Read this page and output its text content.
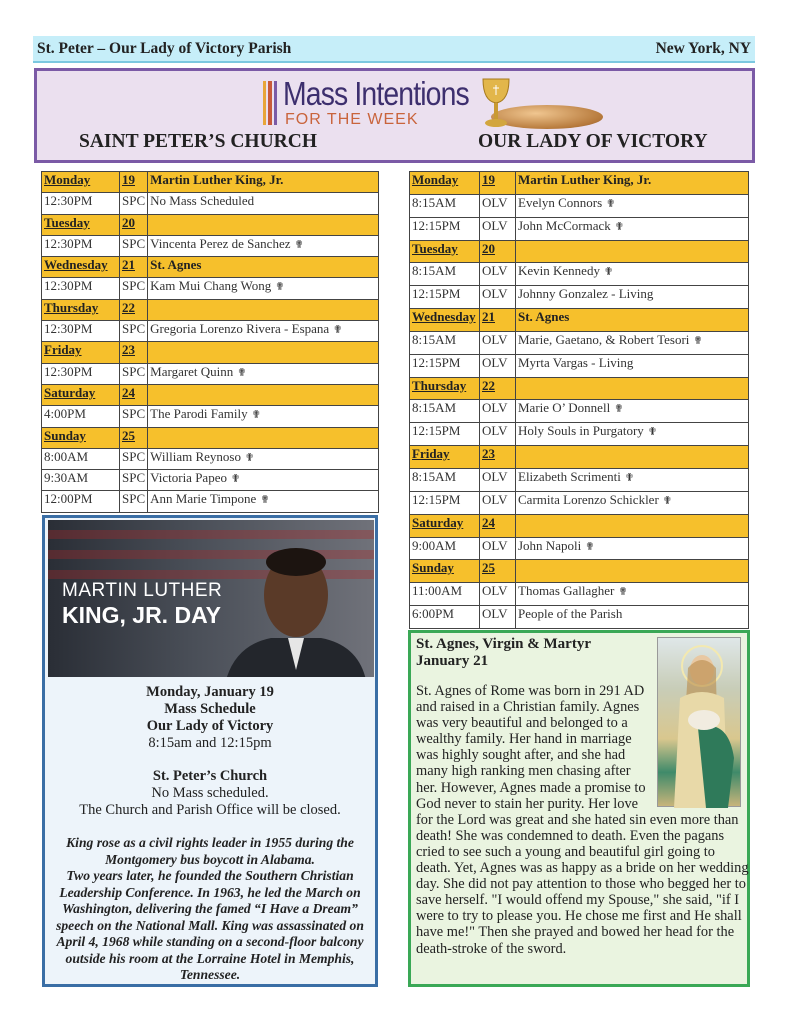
St. Peter – Our Lady of Victory Parish	New York, NY
Mass Intentions
FOR THE WEEK
SAINT PETER’S CHURCH	OUR LADY OF VICTORY
Monday	19	Martin Luther King, Jr.
12:30PM	SPC	No Mass Scheduled
Tuesday	20	
12:30PM	SPC	Vincenta Perez de Sanchez ✟
Wednesday	21	St. Agnes
12:30PM	SPC	Kam Mui Chang Wong ✟
Thursday	22	
12:30PM	SPC	Gregoria Lorenzo Rivera - Espana ✟
Friday	23	
12:30PM	SPC	Margaret Quinn ✟
Saturday	24	
4:00PM	SPC	The Parodi Family ✟
Sunday	25	
8:00AM	SPC	William Reynoso ✟
9:30AM	SPC	Victoria Papeo ✟
12:00PM	SPC	Ann Marie Timpone ✟
Monday	19	Martin Luther King, Jr.
8:15AM	OLV	Evelyn Connors ✟
12:15PM	OLV	John McCormack ✟
Tuesday	20	
8:15AM	OLV	Kevin Kennedy ✟
12:15PM	OLV	Johnny Gonzalez - Living
Wednesday	21	St. Agnes
8:15AM	OLV	Marie, Gaetano, & Robert Tesori ✟
12:15PM	OLV	Myrta Vargas - Living
Thursday	22	
8:15AM	OLV	Marie O’ Donnell ✟
12:15PM	OLV	Holy Souls in Purgatory ✟
Friday	23	
8:15AM	OLV	Elizabeth Scrimenti ✟
12:15PM	OLV	Carmita Lorenzo Schickler ✟
Saturday	24	
9:00AM	OLV	John Napoli ✟
Sunday	25	
11:00AM	OLV	Thomas Gallagher ✟
6:00PM	OLV	People of the Parish
MARTIN LUTHER
KING, JR. DAY
Monday, January 19
Mass Schedule
Our Lady of Victory
8:15am and 12:15pm
St. Peter’s Church
No Mass scheduled.
The Church and Parish Office will be closed.
King rose as a civil rights leader in 1955 during the Montgomery bus boycott in Alabama.
Two years later, he founded the Southern Christian Leadership Conference. In 1963, he led the March on Washington, delivering the famed “I Have a Dream” speech on the National Mall. King was assassinated on April 4, 1968 while standing on a second-floor balcony outside his room at the Lorraine Hotel in Memphis, Tennessee.
St. Agnes, Virgin & Martyr
January 21
St. Agnes of Rome was born in 291 AD and raised in a Christian family. Agnes was very beautiful and belonged to a wealthy family. Her hand in marriage was highly sought after, and she had many high ranking men chasing after her. However, Agnes made a promise to God never to stain her purity. Her love for the Lord was great and she hated sin even more than death! She was condemned to death. Even the pagans cried to see such a young and beautiful girl going to death. Yet, Agnes was as happy as a bride on her wedding day. She did not pay attention to those who begged her to save herself. "I would offend my Spouse," she said, "if I were to try to please you. He chose me first and He shall have me!" Then she prayed and bowed her head for the death-stroke of the sword.
